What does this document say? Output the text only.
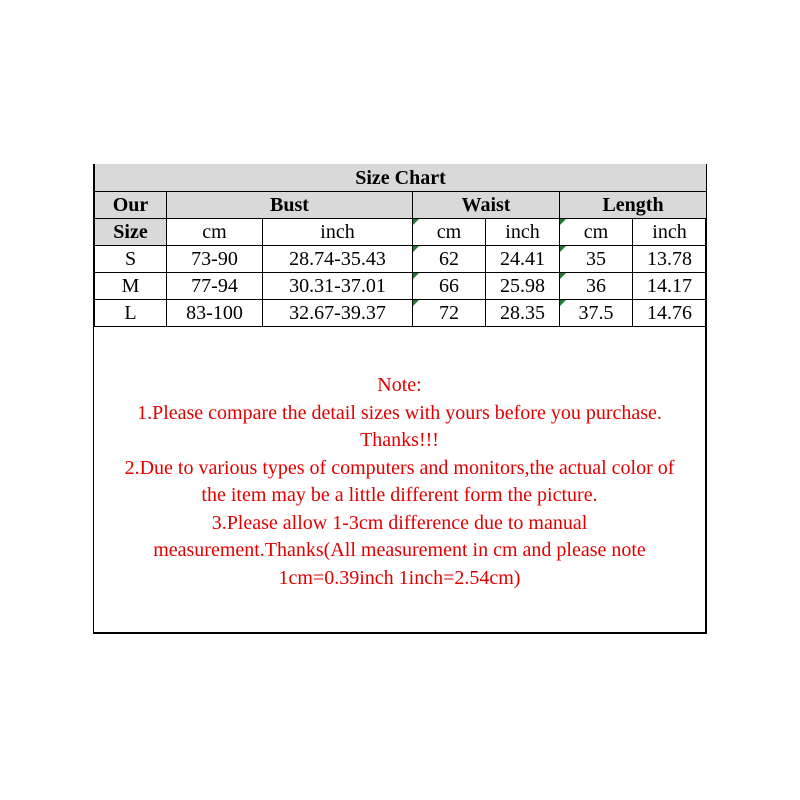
Size Chart						
Our	Bust		Waist		Length	
Size	cm	inch	cm	inch	cm	inch
S	73-90	28.74-35.43	62	24.41	35	13.78
M	77-94	30.31-37.01	66	25.98	36	14.17
L	83-100	32.67-39.37	72	28.35	37.5	14.76
Note:
1.Please compare the detail sizes with yours before you purchase.
Thanks!!!
2.Due to various types of computers and monitors,the actual color of
the item may be a little different form the picture.
3.Please allow 1-3cm difference due to manual
measurement.Thanks(All measurement in cm and please note
1cm=0.39inch 1inch=2.54cm)
